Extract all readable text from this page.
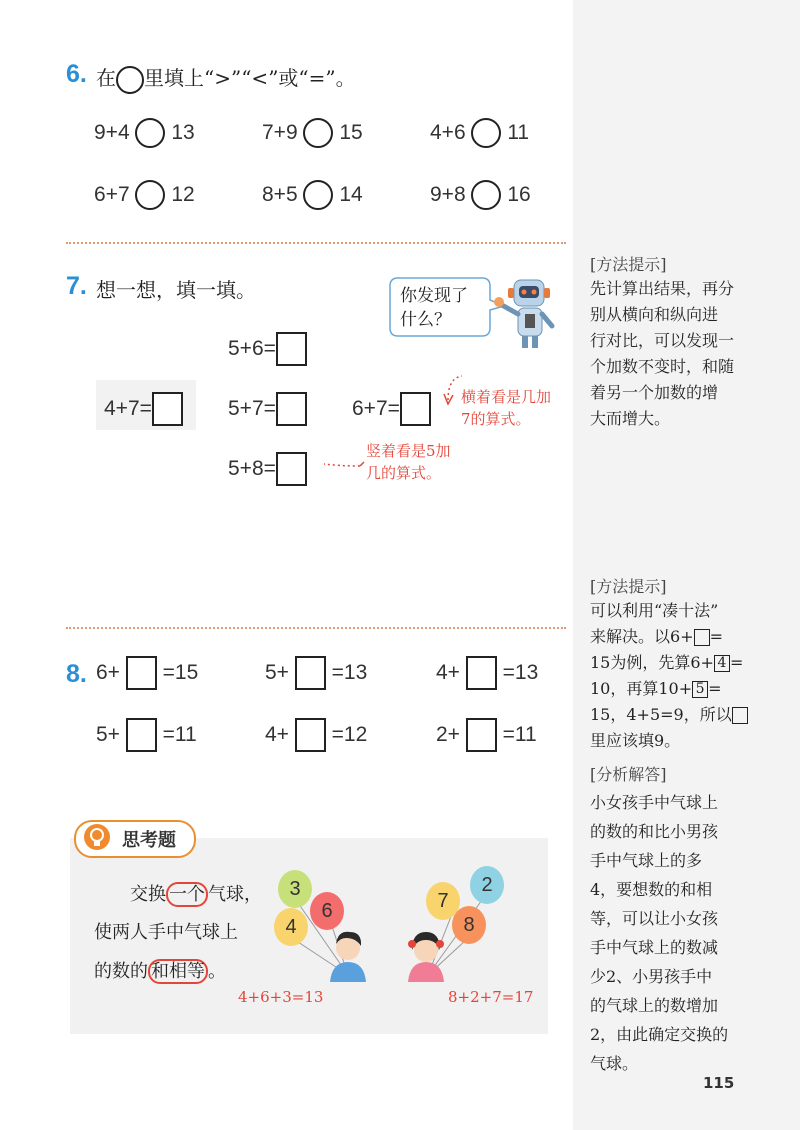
6. 在 里填上“>”“<”或“=”。
9+4 13	7+9 15	4+6 11
6+7 12	8+5 14	9+8 16
7. 想一想，填一填。	你发现了
什么？
5+6=
4+7=	5+7=	6+7=
5+8=
横着看是几加
7的算式。
竖着看是5加
几的算式。
8. 6+ =15	5+ =13	4+ =13
5+ =11	4+ =12	2+ =11
思考题
交换 一个 气球，
使两人手中气球上
的数的 和相等 。
3
6
4
4+6+3=13
7
2
8
8+2+7=17
[方法提示]
先计算出结果，再分
别从横向和纵向进
行对比，可以发现一
个加数不变时，和随
着另一个加数的增
大而增大。
[方法提示]
可以利用“凑十法”
来解决。以6+ =
15为例，先算6+ 4 =
10，再算10+ 5 =
15，4+5=9，所以
里应该填9。
[分析解答]
小女孩手中气球上
的数的和比小男孩
手中气球上的多
4，要想数的和相
等，可以让小女孩
手中气球上的数减
少2、小男孩手中
的气球上的数增加
2，由此确定交换的
气球。
115
